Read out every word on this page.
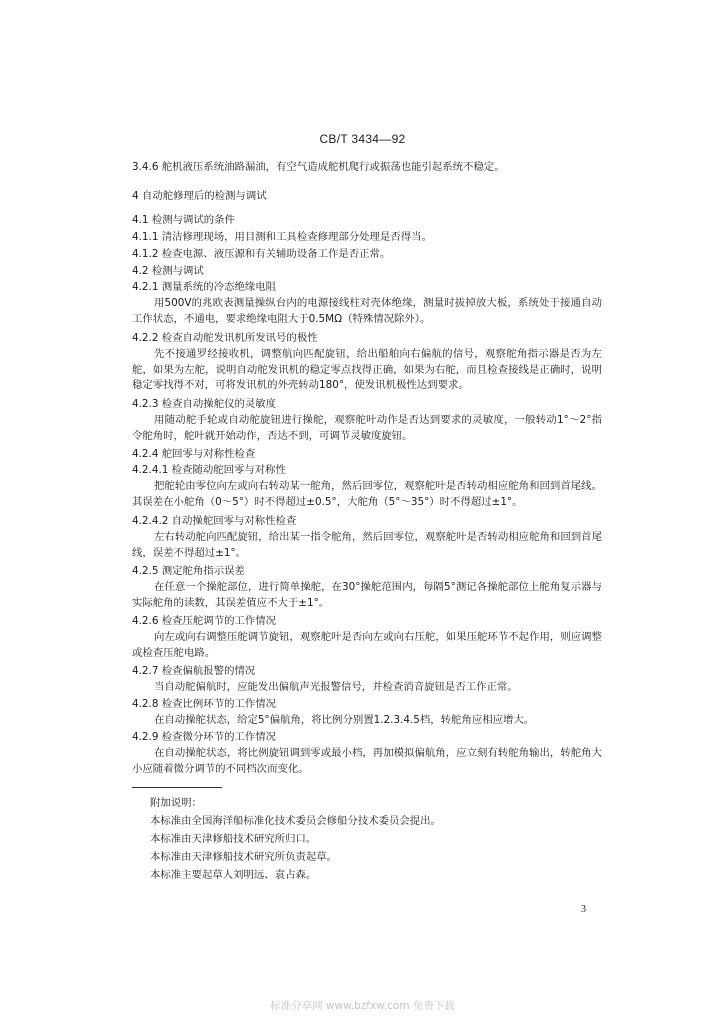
CB/T 3434—92
3.4.6 舵机液压系统油路漏油，有空气造成舵机爬行或振荡也能引起系统不稳定。
4 自动舵修理后的检测与调试
4.1 检测与调试的条件
4.1.1 清洁修理现场，用目测和工具检查修理部分处理是否得当。
4.1.2 检查电源、液压源和有关辅助设备工作是否正常。
4.2 检测与调试
4.2.1 测量系统的冷态绝缘电阻
用500V的兆欧表测量操纵台内的电源接线柱对壳体绝缘，测量时拔掉放大板，系统处于接通自动工作状态，不通电，要求绝缘电阻大于0.5MΩ（特殊情况除外）。
4.2.2 检查自动舵发讯机所发讯号的极性
先不接通罗经接收机，调整航向匹配旋钮，给出船舶向右偏航的信号，观察舵角指示器是否为左舵，如果为左舵，说明自动舵发讯机的稳定零点找得正确，如果为右舵，而且检查接线是正确时，说明稳定零找得不对，可将发讯机的外壳转动180°，使发讯机极性达到要求。
4.2.3 检查自动操舵仪的灵敏度
用随动舵手轮或自动舵旋钮进行操舵，观察舵叶动作是否达到要求的灵敏度，一般转动1°～2°指令舵角时，舵叶就开始动作，否达不到，可调节灵敏度旋钮。
4.2.4 舵回零与对称性检查
4.2.4.1 检查随动舵回零与对称性
把舵轮由零位向左或向右转动某一舵角，然后回零位，观察舵叶是否转动相应舵角和回到首尾线。其误差在小舵角（0～5°）时不得超过±0.5°，大舵角（5°～35°）时不得超过±1°。
4.2.4.2 自动操舵回零与对称性检查
左右转动舵向匹配旋钮，给出某一指令舵角，然后回零位，观察舵叶是否转动相应舵角和回到首尾线，误差不得超过±1°。
4.2.5 测定舵角指示误差
在任意一个操舵部位，进行简单操舵，在30°操舵范围内，每隔5°测记各操舵部位上舵角复示器与实际舵角的读数，其误差值应不大于±1°。
4.2.6 检查压舵调节的工作情况
向左或向右调整压舵调节旋钮，观察舵叶是否向左或向右压舵，如果压舵环节不起作用，则应调整或检查压舵电路。
4.2.7 检查偏航报警的情况
当自动舵偏航时，应能发出偏航声光报警信号，并检查消音旋钮是否工作正常。
4.2.8 检查比例环节的工作情况
在自动操舵状态，给定5°偏航角，将比例分别置1.2.3.4.5档，转舵角应相应增大。
4.2.9 检查微分环节的工作情况
在自动操舵状态，将比例旋钮调到零或最小档，再加模拟偏航角，应立刻有转舵角输出，转舵角大小应随着微分调节的不同档次而变化。
附加说明：
本标准由全国海洋船标准化技术委员会修船分技术委员会提出。
本标准由天津修船技术研究所归口。
本标准由天津修船技术研究所负责起草。
本标准主要起草人刘明远、袁占森。
3
标准分享网 www.bzfxw.com 免费下载
